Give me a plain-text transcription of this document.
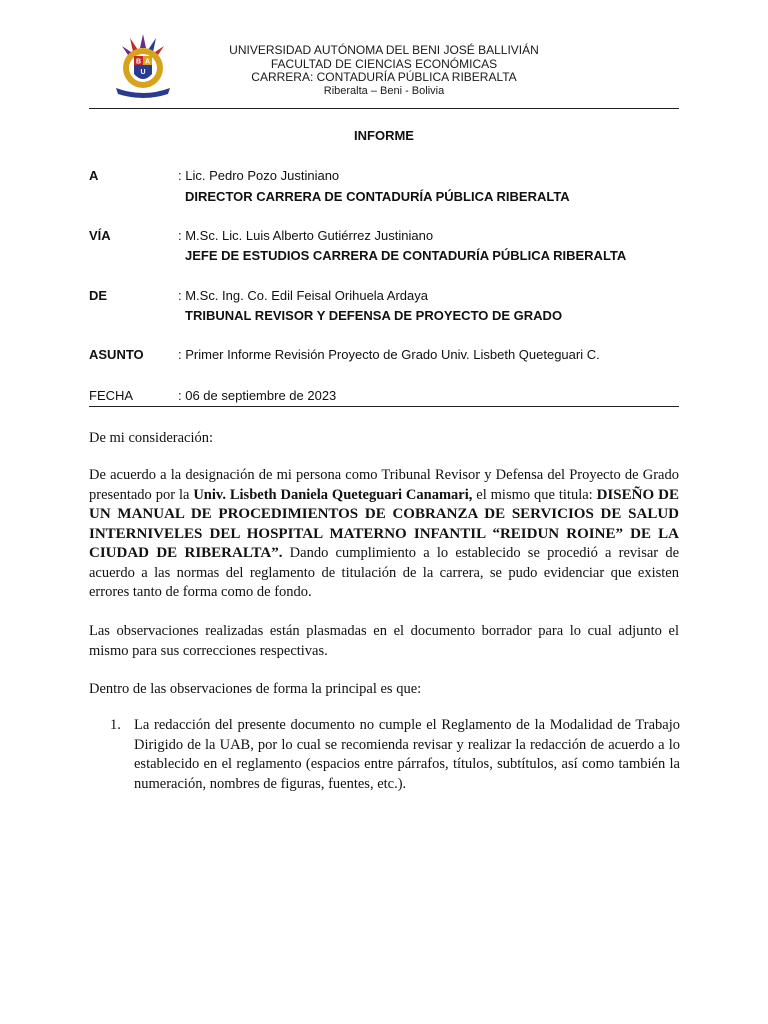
B A
U
UNIVERSIDAD AUTÓNOMA DEL BENI JOSÉ BALLIVIÁN
FACULTAD DE CIENCIAS ECONÓMICAS
CARRERA: CONTADURÍA PÚBLICA RIBERALTA
Riberalta – Beni - Bolivia
INFORME
A	: Lic. Pedro Pozo Justiniano
DIRECTOR CARRERA DE CONTADURÍA PÚBLICA RIBERALTA
VÍA	: M.Sc. Lic. Luis Alberto Gutiérrez Justiniano
JEFE DE ESTUDIOS CARRERA DE CONTADURÍA PÚBLICA RIBERALTA
DE	: M.Sc. Ing. Co. Edil Feisal Orihuela Ardaya
TRIBUNAL REVISOR Y DEFENSA DE PROYECTO DE GRADO
ASUNTO	: Primer Informe Revisión Proyecto de Grado Univ. Lisbeth Queteguari C.
FECHA	: 06 de septiembre de 2023
De mi consideración:
De acuerdo a la designación de mi persona como Tribunal Revisor y Defensa del Proyecto de Grado presentado por la Univ. Lisbeth Daniela Queteguari Canamari, el mismo que titula: DISEÑO DE UN MANUAL DE PROCEDIMIENTOS DE COBRANZA DE SERVICIOS DE SALUD INTERNIVELES DEL HOSPITAL MATERNO INFANTIL “REIDUN ROINE” DE LA CIUDAD DE RIBERALTA”. Dando cumplimiento a lo establecido se procedió a revisar de acuerdo a las normas del reglamento de titulación de la carrera, se pudo evidenciar que existen errores tanto de forma como de fondo.
Las observaciones realizadas están plasmadas en el documento borrador para lo cual adjunto el mismo para sus correcciones respectivas.
Dentro de las observaciones de forma la principal es que:
1. La redacción del presente documento no cumple el Reglamento de la Modalidad de Trabajo Dirigido de la UAB, por lo cual se recomienda revisar y realizar la redacción de acuerdo a lo establecido en el reglamento (espacios entre párrafos, títulos, subtítulos, así como también la numeración, nombres de figuras, fuentes, etc.).
